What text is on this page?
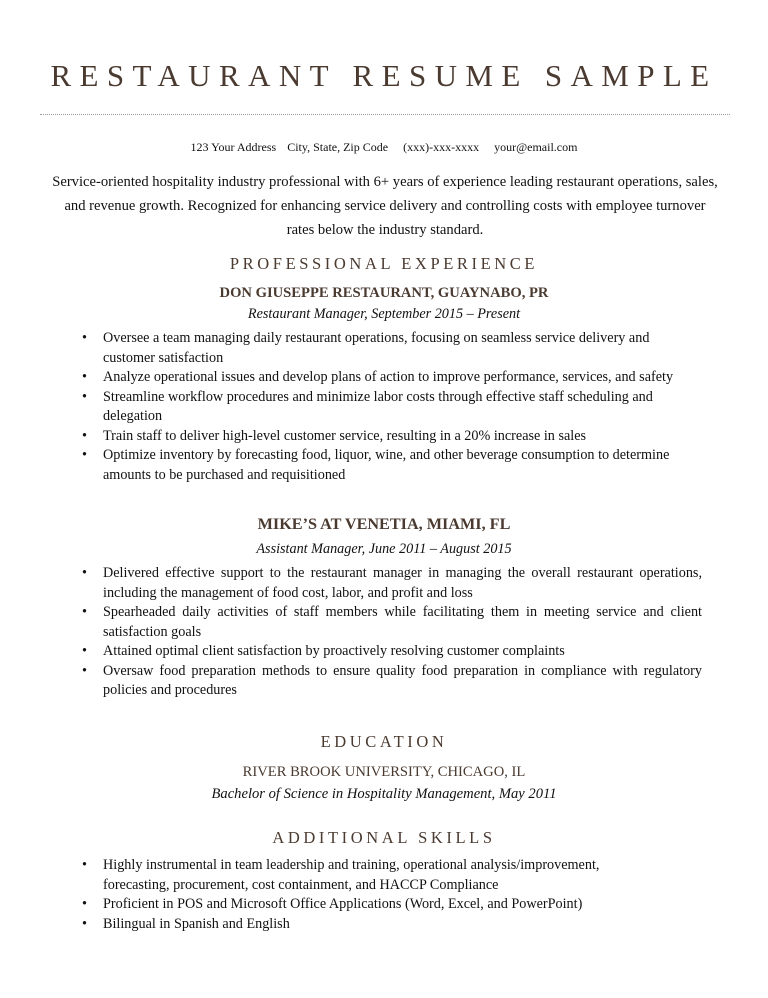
RESTAURANT RESUME SAMPLE
123 Your Address City, State, Zip Code (xxx)-xxx-xxxx your@email.com
Service-oriented hospitality industry professional with 6+ years of experience leading restaurant operations, sales, and revenue growth. Recognized for enhancing service delivery and controlling costs with employee turnover rates below the industry standard.
PROFESSIONAL EXPERIENCE
DON GIUSEPPE RESTAURANT, GUAYNABO, PR
Restaurant Manager, September 2015 – Present
• Oversee a team managing daily restaurant operations, focusing on seamless service delivery and customer satisfaction
• Analyze operational issues and develop plans of action to improve performance, services, and safety
• Streamline workflow procedures and minimize labor costs through effective staff scheduling and delegation
• Train staff to deliver high-level customer service, resulting in a 20% increase in sales
• Optimize inventory by forecasting food, liquor, wine, and other beverage consumption to determine amounts to be purchased and requisitioned
MIKE’S AT VENETIA, MIAMI, FL
Assistant Manager, June 2011 – August 2015
• Delivered effective support to the restaurant manager in managing the overall restaurant operations, including the management of food cost, labor, and profit and loss
• Spearheaded daily activities of staff members while facilitating them in meeting service and client satisfaction goals
• Attained optimal client satisfaction by proactively resolving customer complaints
• Oversaw food preparation methods to ensure quality food preparation in compliance with regulatory policies and procedures
EDUCATION
RIVER BROOK UNIVERSITY, CHICAGO, IL
Bachelor of Science in Hospitality Management, May 2011
ADDITIONAL SKILLS
• Highly instrumental in team leadership and training, operational analysis/improvement, forecasting, procurement, cost containment, and HACCP Compliance
• Proficient in POS and Microsoft Office Applications (Word, Excel, and PowerPoint)
• Bilingual in Spanish and English
